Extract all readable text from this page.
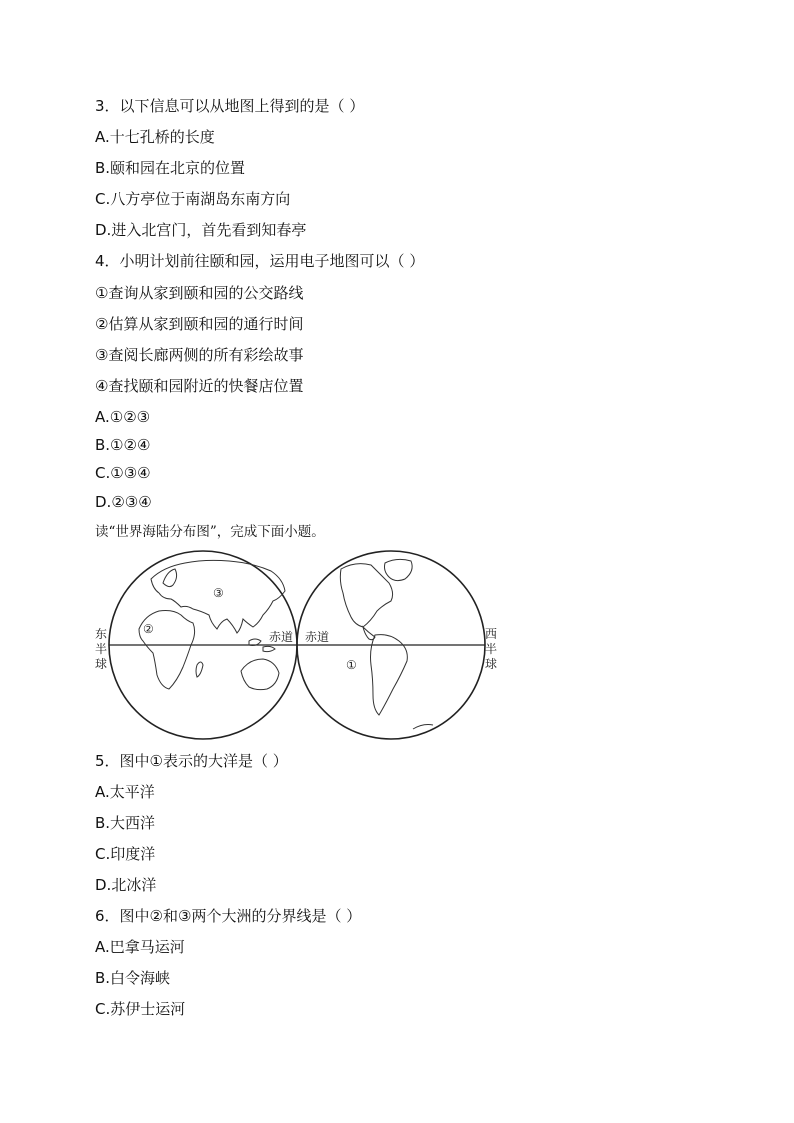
3．以下信息可以从地图上得到的是（ ）
A.十七孔桥的长度
B.颐和园在北京的位置
C.八方亭位于南湖岛东南方向
D.进入北宫门，首先看到知春亭
4．小明计划前往颐和园，运用电子地图可以（ ）
①查询从家到颐和园的公交路线
②估算从家到颐和园的通行时间
③查阅长廊两侧的所有彩绘故事
④查找颐和园附近的快餐店位置
A.①②③
B.①②④
C.①③④
D.②③④
读“世界海陆分布图”，完成下面小题。
东
半
球
西
半
球
赤道 赤道
①
②
③
5．图中①表示的大洋是（ ）
A.太平洋
B.大西洋
C.印度洋
D.北冰洋
6．图中②和③两个大洲的分界线是（ ）
A.巴拿马运河
B.白令海峡
C.苏伊士运河
